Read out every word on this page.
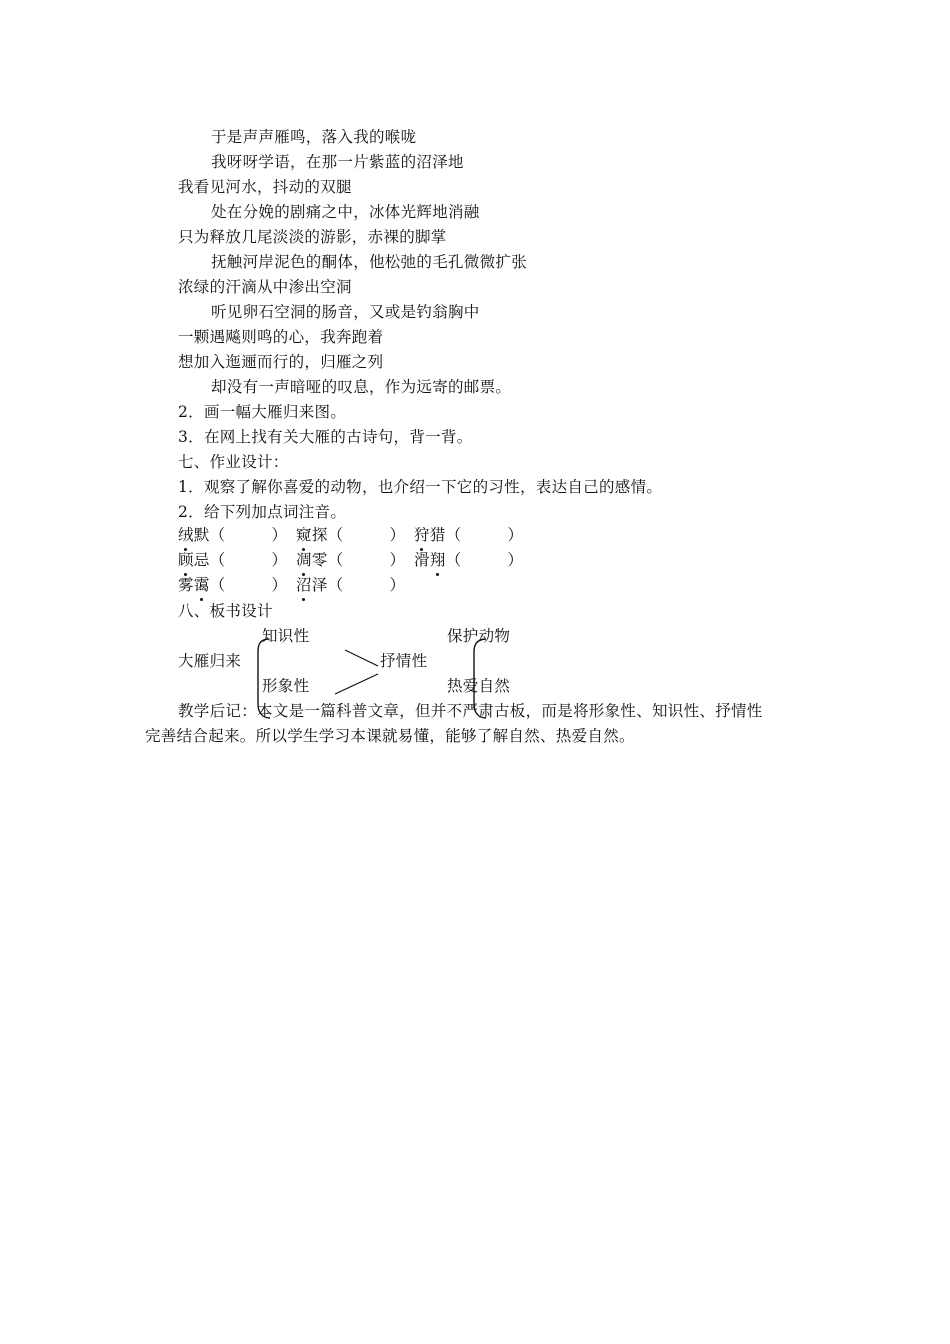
于是声声雁鸣，落入我的喉咙
我呀呀学语，在那一片紫蓝的沼泽地
我看见河水，抖动的双腿
处在分娩的剧痛之中，冰体光辉地消融
只为释放几尾淡淡的游影，赤裸的脚掌
抚触河岸泥色的酮体，他松弛的毛孔微微扩张
浓绿的汗滴从中渗出空洞
听见卵石空洞的肠音，又或是钓翁胸中
一颗遇飚则鸣的心，我奔跑着
想加入迤逦而行的，归雁之列
却没有一声暗哑的叹息，作为远寄的邮票。
2．画一幅大雁归来图。
3．在网上找有关大雁的古诗句，背一背。
七、作业设计：
1．观察了解你喜爱的动物，也介绍一下它的习性，表达自己的感情。
2．给下列加点词注音。
绒默（	） 窥探（	） 狩猎（	）
顾忌（	） 凋零（	） 滑翔（	）
雾霭（	） 沼泽（	）
八、板书设计
知识性	保护动物
大雁归来	抒情性
形象性	热爱自然
教学后记：本文是一篇科普文章，但并不严肃古板，而是将形象性、知识性、抒情性
完善结合起来。所以学生学习本课就易懂，能够了解自然、热爱自然。
